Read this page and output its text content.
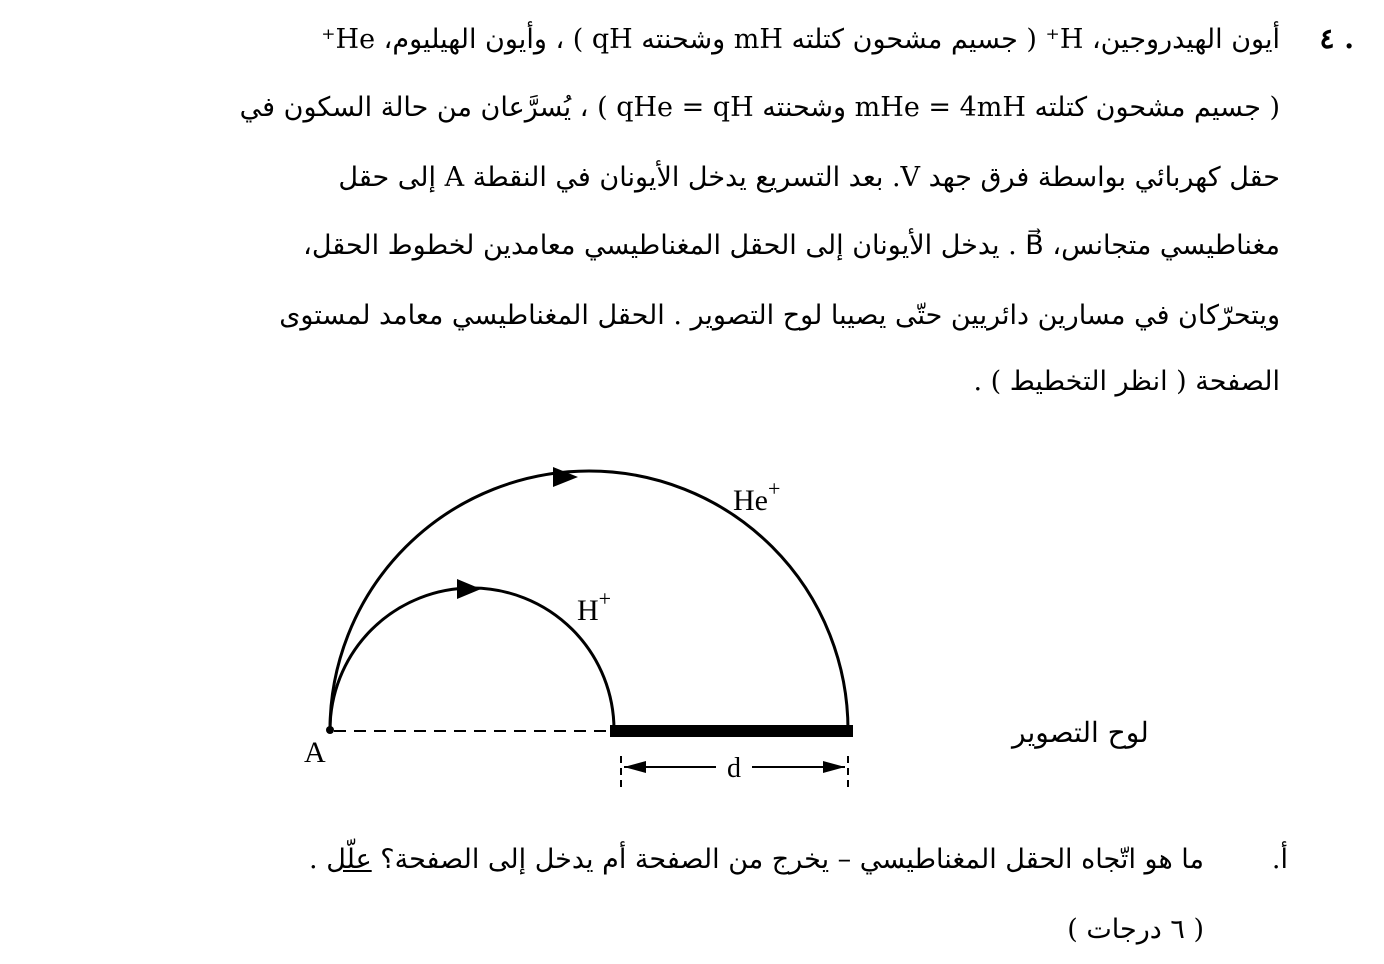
٤ .
أيون الهيدروجين، H⁺ ( جسيم مشحون كتلته mH وشحنته qH ) ، وأيون الهيليوم، He⁺
( جسيم مشحون كتلته mHe = 4mH وشحنته qHe = qH ) ، يُسرَّعان من حالة السكون في
حقل كهربائي بواسطة فرق جهد V. بعد التسريع يدخل الأيونان في النقطة A إلى حقل
مغناطيسي متجانس، B⃗ . يدخل الأيونان إلى الحقل المغناطيسي معامدين لخطوط الحقل،
ويتحرّكان في مسارين دائريين حتّى يصيبا لوح التصوير . الحقل المغناطيسي معامد لمستوى
الصفحة ( انظر التخطيط ) .
d
He+
H+
A
لوح التصوير
أ.
ما هو اتّجاه الحقل المغناطيسي – يخرج من الصفحة أم يدخل إلى الصفحة؟ علّل .
( ٦ درجات )
